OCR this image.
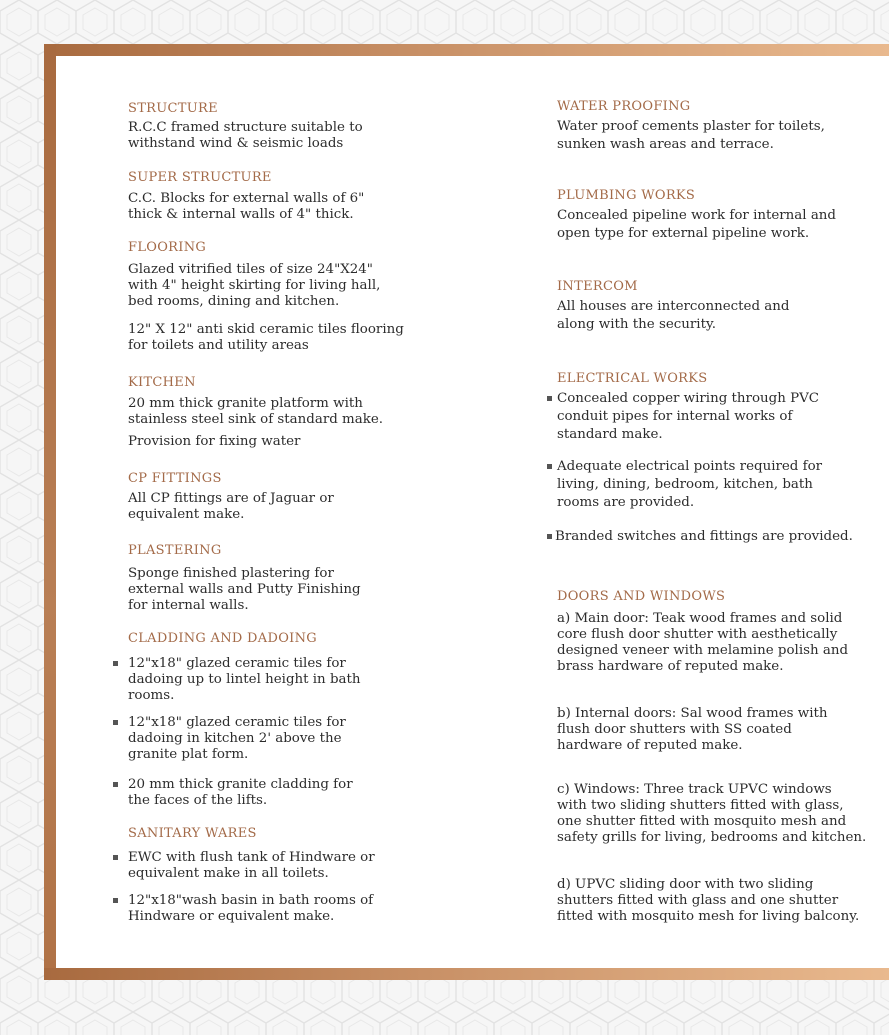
STRUCTURE
R.C.C framed structure suitable to
withstand wind & seismic loads
SUPER STRUCTURE
C.C. Blocks for external walls of 6"
thick & internal walls of 4" thick.
FLOORING
Glazed vitrified tiles of size 24"X24"
with 4" height skirting for living hall,
bed rooms, dining and kitchen.
12" X 12" anti skid ceramic tiles flooring
for toilets and utility areas
KITCHEN
20 mm thick granite platform with
stainless steel sink of standard make.
Provision for fixing water
CP FITTINGS
All CP fittings are of Jaguar or
equivalent make.
PLASTERING
Sponge finished plastering for
external walls and Putty Finishing
for internal walls.
CLADDING AND DADOING
12"x18" glazed ceramic tiles for
dadoing up to lintel height in bath
rooms.
12"x18" glazed ceramic tiles for
dadoing in kitchen 2' above the
granite plat form.
20 mm thick granite cladding for
the faces of the lifts.
SANITARY WARES
EWC with flush tank of Hindware or
equivalent make in all toilets.
12"x18"wash basin in bath rooms of
Hindware or equivalent make.
WATER PROOFING
Water proof cements plaster for toilets,
sunken wash areas and terrace.
PLUMBING WORKS
Concealed pipeline work for internal and
open type for external pipeline work.
INTERCOM
All houses are interconnected and
along with the security.
ELECTRICAL WORKS
Concealed copper wiring through PVC
conduit pipes for internal works of
standard make.
Adequate electrical points required for
living, dining, bedroom, kitchen, bath
rooms are provided.
Branded switches and fittings are provided.
DOORS AND WINDOWS
a) Main door: Teak wood frames and solid
core flush door shutter with aesthetically
designed veneer with melamine polish and
brass hardware of reputed make.
b) Internal doors: Sal wood frames with
flush door shutters with SS coated
hardware of reputed make.
c) Windows: Three track UPVC windows
with two sliding shutters fitted with glass,
one shutter fitted with mosquito mesh and
safety grills for living, bedrooms and kitchen.
d) UPVC sliding door with two sliding
shutters fitted with glass and one shutter
fitted with mosquito mesh for living balcony.
